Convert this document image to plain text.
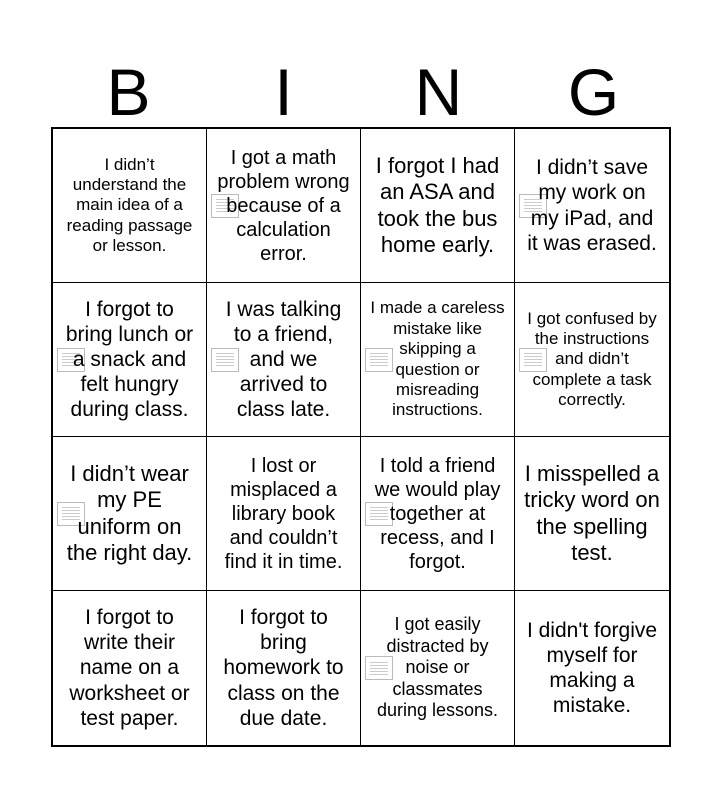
B	I	N	G
I didn’t understand the main idea of a reading passage or lesson.
I got a math problem wrong because of a calculation error.
I forgot I had an ASA and took the bus home early.
I didn’t save my work on my iPad, and it was erased.
I forgot to bring lunch or a snack and felt hungry during class.
I was talking to a friend, and we arrived to class late.
I made a careless mistake like skipping a question or misreading instructions.
I got confused by the instructions and didn’t complete a task correctly.
I didn’t wear my PE uniform on the right day.
I lost or misplaced a library book and couldn’t find it in time.
I told a friend we would play together at recess, and I forgot.
I misspelled a tricky word on the spelling test.
I forgot to write their name on a worksheet or test paper.
I forgot to bring homework to class on the due date.
I got easily distracted by noise or classmates during lessons.
I didn't forgive myself for making a mistake.
